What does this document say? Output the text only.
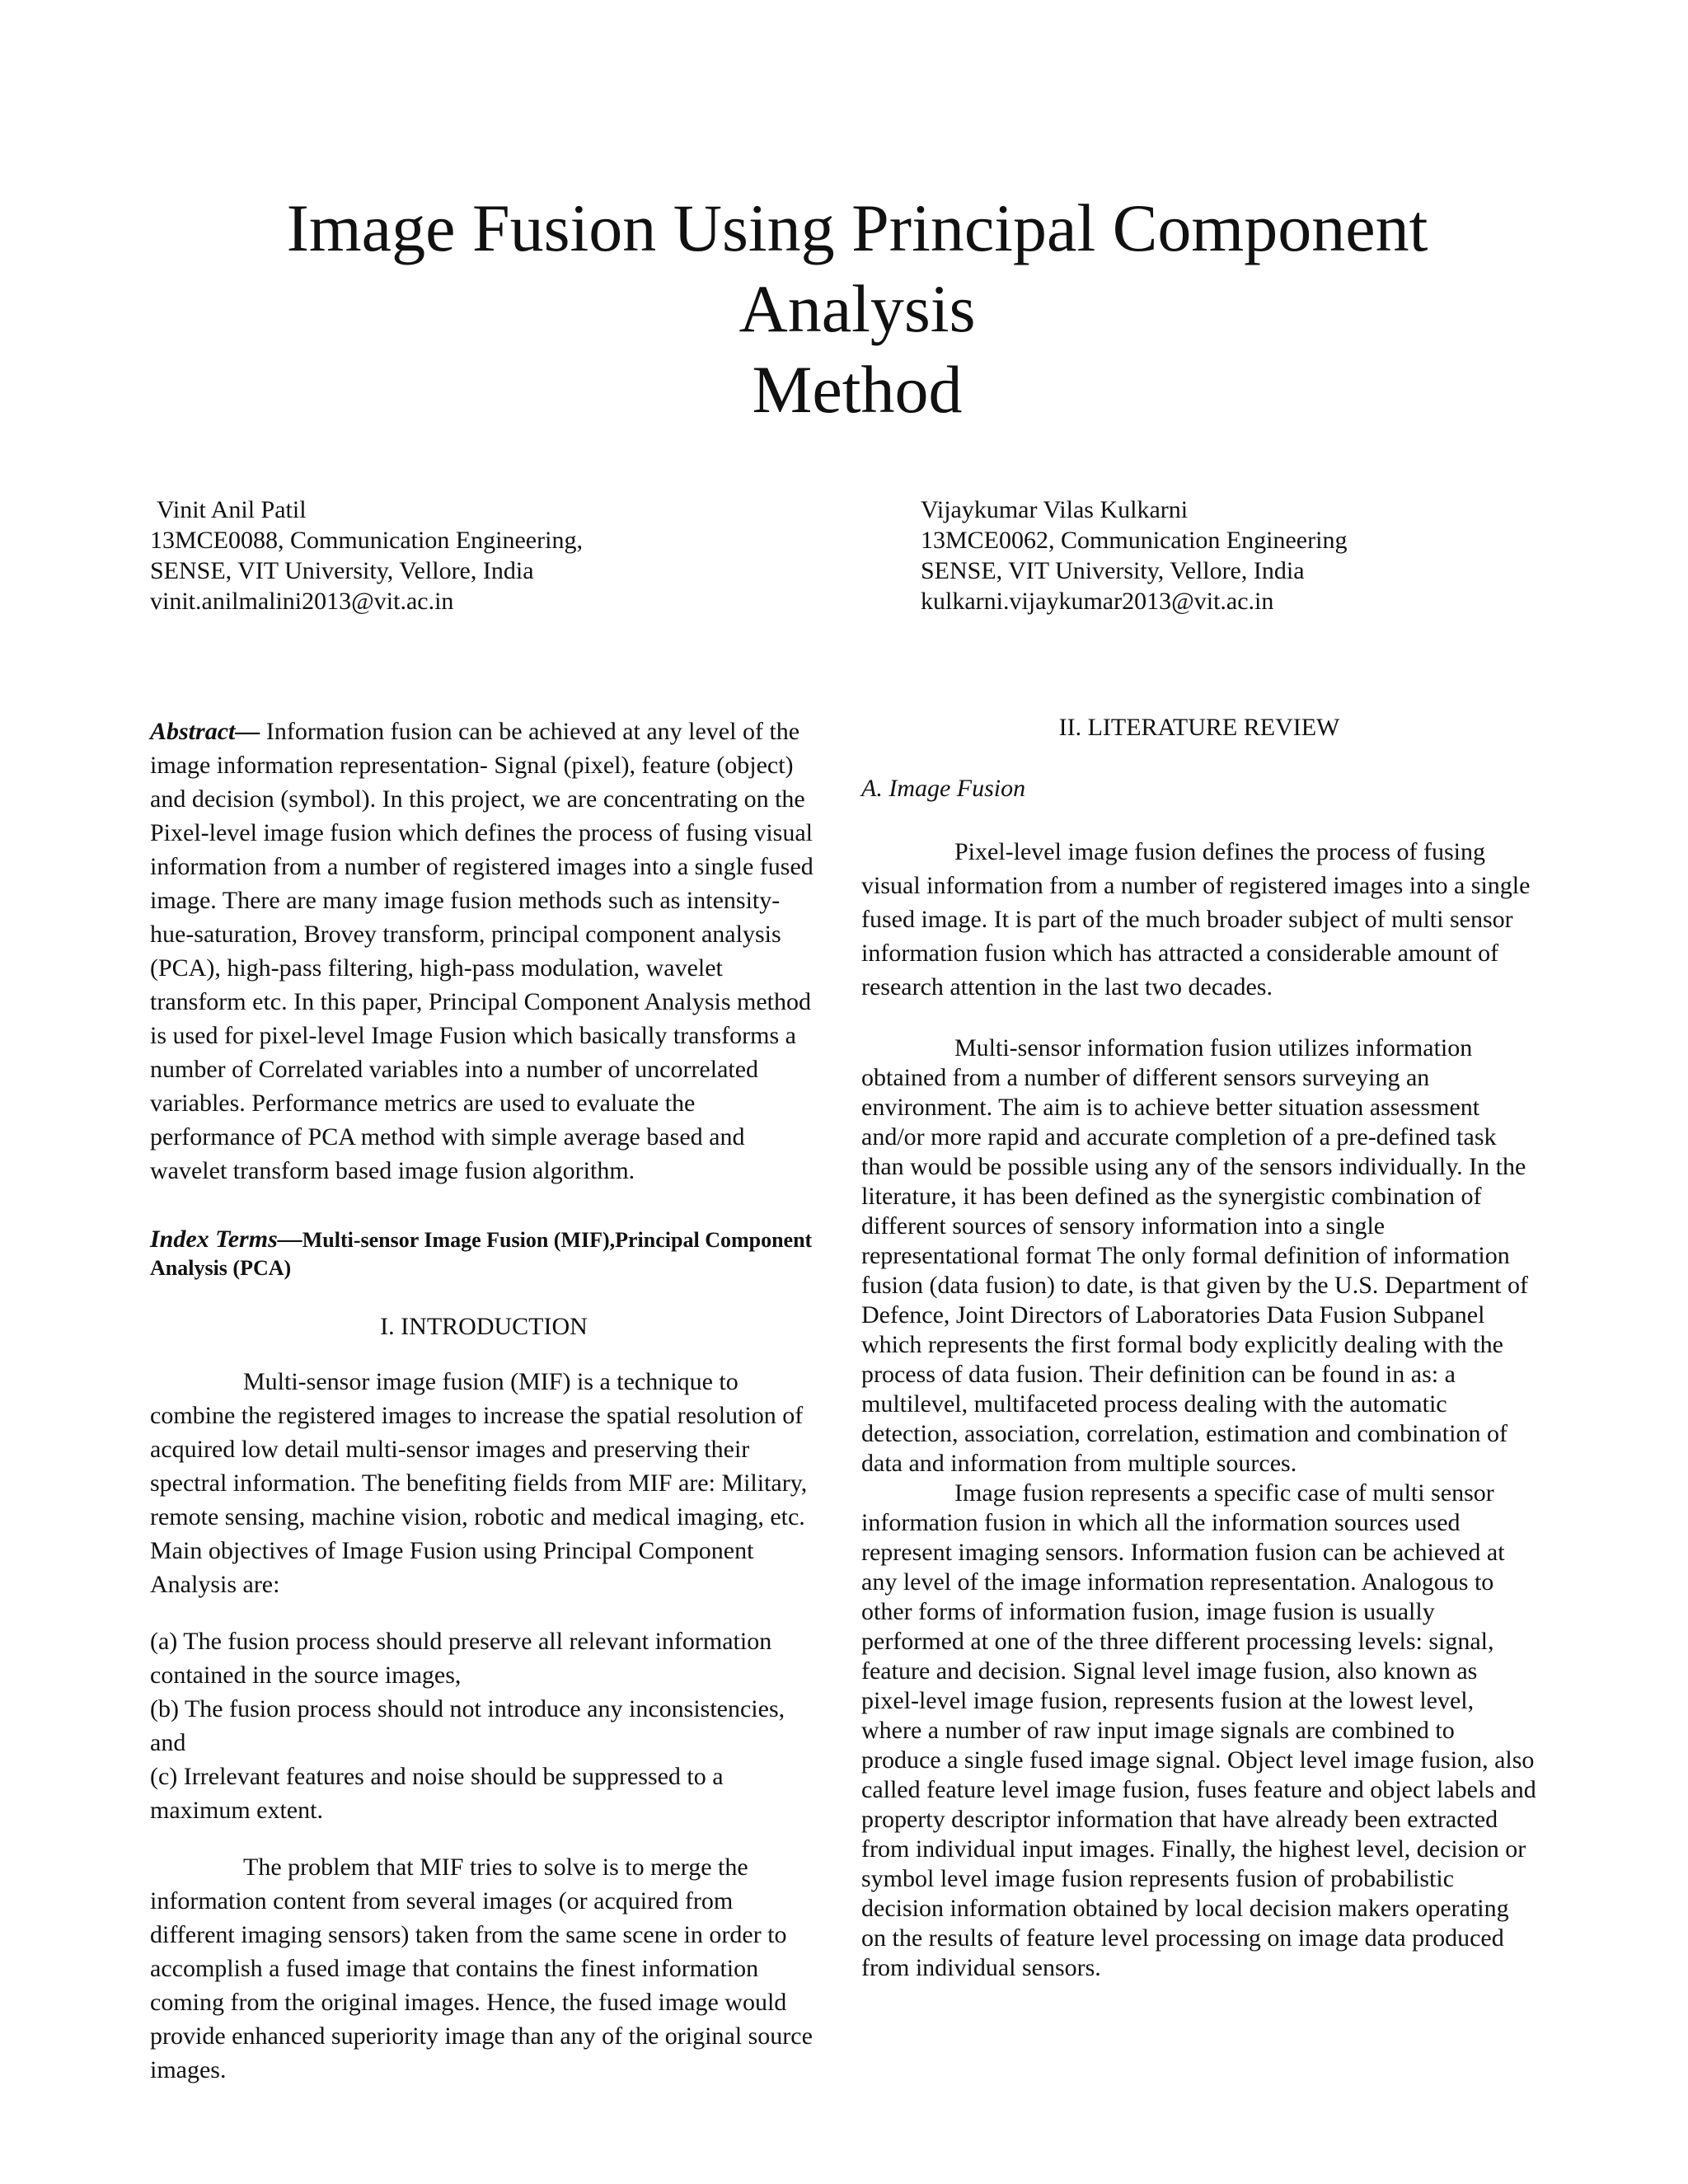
Image Fusion Using Principal Component Analysis
Method
Vinit Anil Patil
13MCE0088, Communication Engineering,
SENSE, VIT University, Vellore, India
vinit.anilmalini2013@vit.ac.in
Vijaykumar Vilas Kulkarni
13MCE0062, Communication Engineering
SENSE, VIT University, Vellore, India
kulkarni.vijaykumar2013@vit.ac.in

Abstract— Information fusion can be achieved at any level of the image information representation- Signal (pixel), feature (object) and decision (symbol). In this project, we are concentrating on the Pixel-level image fusion which defines the process of fusing visual information from a number of registered images into a single fused image. There are many image fusion methods such as intensity-hue-saturation, Brovey transform, principal component analysis (PCA), high-pass filtering, high-pass modulation, wavelet transform etc. In this paper, Principal Component Analysis method is used for pixel-level Image Fusion which basically transforms a number of Correlated variables into a number of uncorrelated variables. Performance metrics are used to evaluate the performance of PCA method with simple average based and wavelet transform based image fusion algorithm.

Index Terms—Multi-sensor Image Fusion (MIF),Principal Component Analysis (PCA)

I. INTRODUCTION

Multi-sensor image fusion (MIF) is a technique to combine the registered images to increase the spatial resolution of acquired low detail multi-sensor images and preserving their spectral information. The benefiting fields from MIF are: Military, remote sensing, machine vision, robotic and medical imaging, etc. Main objectives of Image Fusion using Principal Component Analysis are:

(a) The fusion process should preserve all relevant information contained in the source images,

(b) The fusion process should not introduce any inconsistencies, and

(c) Irrelevant features and noise should be suppressed to a maximum extent.

The problem that MIF tries to solve is to merge the information content from several images (or acquired from different imaging sensors) taken from the same scene in order to accomplish a fused image that contains the finest information coming from the original images. Hence, the fused image would provide enhanced superiority image than any of the original source images.

II. LITERATURE REVIEW
A. Image Fusion

Pixel-level image fusion defines the process of fusing visual information from a number of registered images into a single fused image. It is part of the much broader subject of multi sensor information fusion which has attracted a considerable amount of research attention in the last two decades.

Multi-sensor information fusion utilizes information obtained from a number of different sensors surveying an environment. The aim is to achieve better situation assessment and/or more rapid and accurate completion of a pre-defined task than would be possible using any of the sensors individually. In the literature, it has been defined as the synergistic combination of different sources of sensory information into a single representational format The only formal definition of information fusion (data fusion) to date, is that given by the U.S. Department of Defence, Joint Directors of Laboratories Data Fusion Subpanel which represents the first formal body explicitly dealing with the process of data fusion. Their definition can be found in as: a multilevel, multifaceted process dealing with the automatic detection, association, correlation, estimation and combination of data and information from multiple sources.

Image fusion represents a specific case of multi sensor information fusion in which all the information sources used represent imaging sensors. Information fusion can be achieved at any level of the image information representation. Analogous to other forms of information fusion, image fusion is usually performed at one of the three different processing levels: signal, feature and decision. Signal level image fusion, also known as pixel-level image fusion, represents fusion at the lowest level, where a number of raw input image signals are combined to produce a single fused image signal. Object level image fusion, also called feature level image fusion, fuses feature and object labels and property descriptor information that have already been extracted from individual input images. Finally, the highest level, decision or symbol level image fusion represents fusion of probabilistic decision information obtained by local decision makers operating on the results of feature level processing on image data produced from individual sensors.
